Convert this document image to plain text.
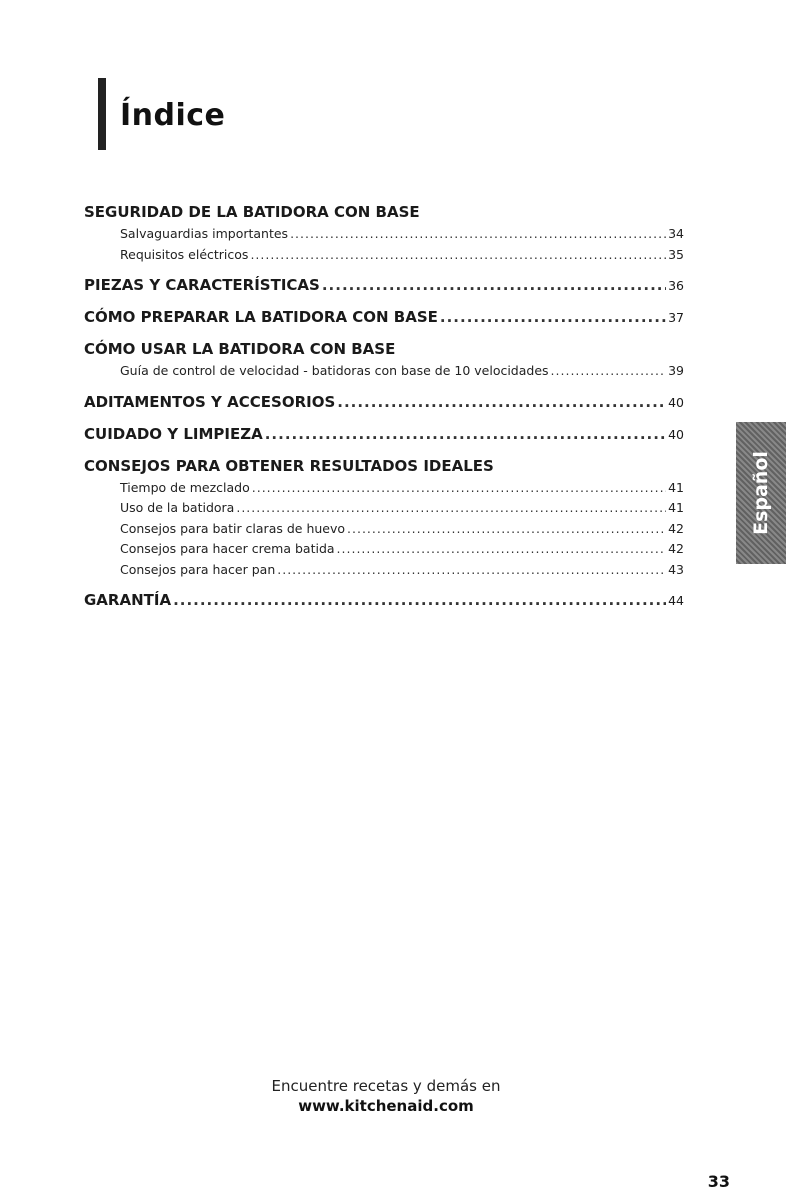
Índice
SEGURIDAD DE LA BATIDORA CON BASE
Salvaguardias importantes .....	34
Requisitos eléctricos .....	35
PIEZAS Y CARACTERÍSTICAS .....	36
CÓMO PREPARAR LA BATIDORA CON BASE .....	37
CÓMO USAR LA BATIDORA CON BASE
Guía de control de velocidad - batidoras con base de 10 velocidades .....	39
ADITAMENTOS Y ACCESORIOS .....	40
CUIDADO Y LIMPIEZA .....	40
CONSEJOS PARA OBTENER RESULTADOS IDEALES
Tiempo de mezclado .....	41
Uso de la batidora .....	41
Consejos para batir claras de huevo .....	42
Consejos para hacer crema batida .....	42
Consejos para hacer pan .....	43
GARANTÍA .....	44
Español
Encuentre recetas y demás en
www.kitchenaid.com
33
